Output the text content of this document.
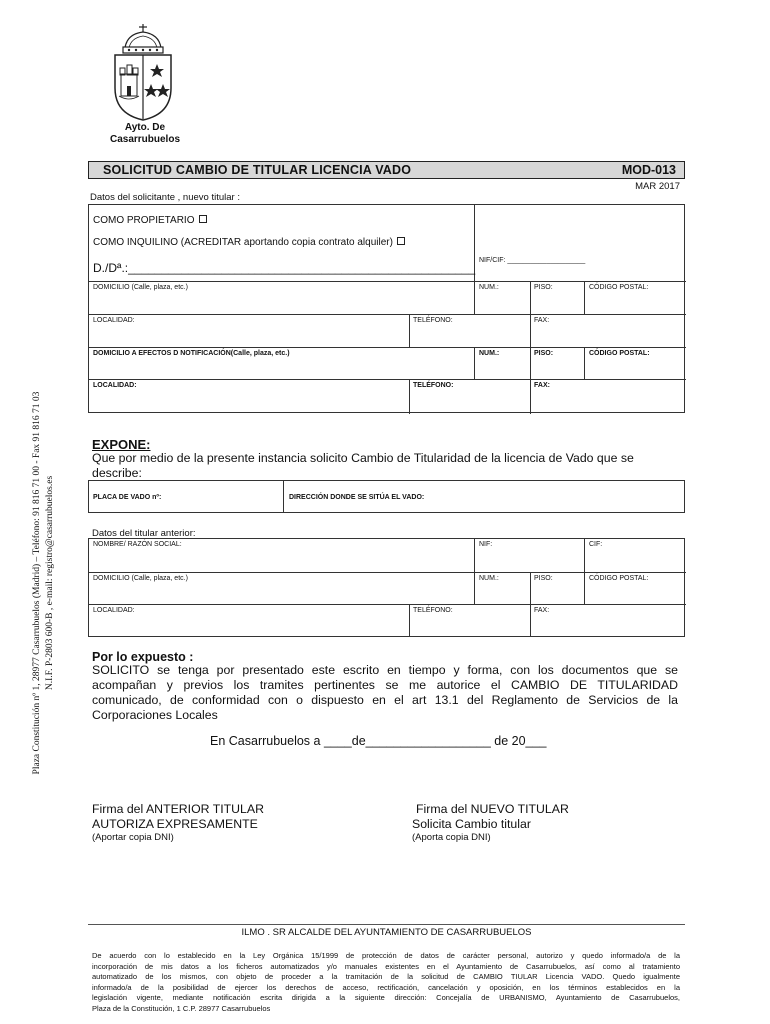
Ayto. De
Casarrubuelos
Plaza Constitución nº 1, 28977 Casarrubuelos (Madrid) – Teléfono: 91 816 71 00 - Fax 91 816 71 03 N.I.F. P-2803 600-B , e-mail: registro@casarrubuelos.es
SOLICITUD CAMBIO DE TITULAR LICENCIA VADO	MOD-013
MAR 2017
Datos del solicitante , nuevo titular :
COMO PROPIETARIO
COMO INQUILINO (ACREDITAR aportando copia contrato alquiler)
D./Dª.:____________________________________________________
NIF/CIF: ____________________
DOMICILIO (Calle, plaza, etc.)	NUM.:	PISO:	CÓDIGO POSTAL:
LOCALIDAD:	TELÉFONO:	FAX:
DOMICILIO A EFECTOS D NOTIFICACIÓN(Calle, plaza, etc.)	NUM.:	PISO:	CÓDIGO POSTAL:
LOCALIDAD:	TELÉFONO:	FAX:
EXPONE:
Que por medio de la presente instancia solicito Cambio de Titularidad de la licencia de Vado que se
describe:
PLACA DE VADO nº:	DIRECCIÓN DONDE SE SITÚA EL VADO:
Datos del titular anterior:
NOMBRE/ RAZÓN SOCIAL:	NIF:	CIF:
DOMICILIO (Calle, plaza, etc.)	NUM.:	PISO:	CÓDIGO POSTAL:
LOCALIDAD:	TELÉFONO:	FAX:
Por lo expuesto :
SOLICITO se tenga por presentado este escrito en tiempo y forma, con los documentos que se
acompañan y previos los tramites pertinentes se me autorice el CAMBIO DE TITULARIDAD
comunicado, de conformidad con o dispuesto en el art 13.1 del Reglamento de Servicios de la
Corporaciones Locales
En Casarrubuelos a ____de__________________ de 20___
Firma del ANTERIOR TITULAR
AUTORIZA EXPRESAMENTE
(Aportar copia DNI)
Firma del NUEVO TITULAR
Solicita Cambio titular
(Aporta copia DNI)
ILMO . SR ALCALDE DEL AYUNTAMIENTO DE CASARRUBUELOS
De acuerdo con lo establecido en la Ley Orgánica 15/1999 de protección de datos de carácter personal, autorizo y quedo informado/a de la
incorporación de mis datos a los ficheros automatizados y/o manuales existentes en el Ayuntamiento de Casarrubuelos, así como al tratamiento
automatizado de los mismos, con objeto de proceder a la tramitación de la solicitud de CAMBIO TIULAR Licencia VADO. Quedo igualmente
informado/a de la posibilidad de ejercer los derechos de acceso, rectificación, cancelación y oposición, en los términos establecidos en la
legislación vigente, mediante notificación escrita dirigida a la siguiente dirección: Concejalía de URBANISMO, Ayuntamiento de Casarrubuelos,
Plaza de la Constitución, 1 C.P. 28977 Casarrubuelos
